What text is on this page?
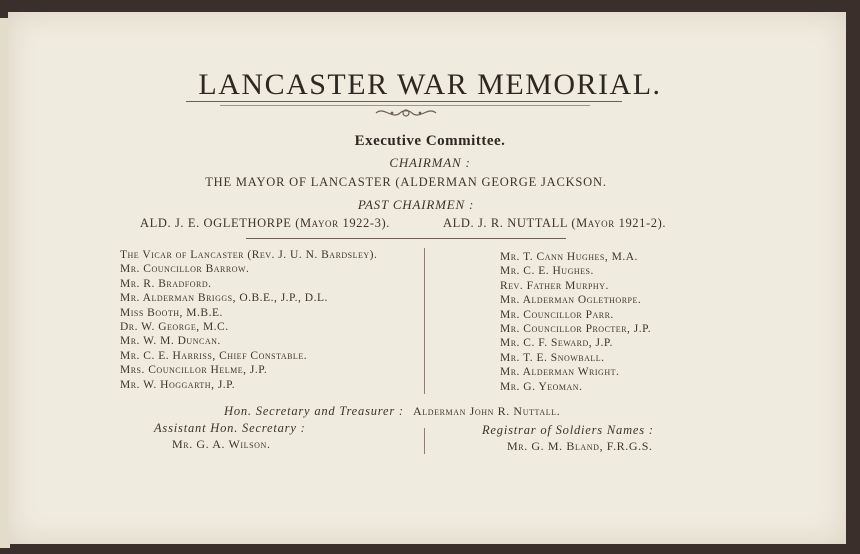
LANCASTER WAR MEMORIAL.
Executive Committee.
CHAIRMAN :
THE MAYOR OF LANCASTER (ALDERMAN GEORGE JACKSON.
PAST CHAIRMEN :
ALD. J. E. OGLETHORPE (Mayor 1922-3).	ALD. J. R. NUTTALL (Mayor 1921-2).
The Vicar of Lancaster (Rev. J. U. N. Bardsley).
Mr. Councillor Barrow.
Mr. R. Bradford.
Mr. Alderman Briggs, O.B.E., J.P., D.L.
Miss Booth, M.B.E.
Dr. W. George, M.C.
Mr. W. M. Duncan.
Mr. C. E. Harriss, Chief Constable.
Mrs. Councillor Helme, J.P.
Mr. W. Hoggarth, J.P.
Mr. T. Cann Hughes, M.A.
Mr. C. E. Hughes.
Rev. Father Murphy.
Mr. Alderman Oglethorpe.
Mr. Councillor Parr.
Mr. Councillor Procter, J.P.
Mr. C. F. Seward, J.P.
Mr. T. E. Snowball.
Mr. Alderman Wright.
Mr. G. Yeoman.
Hon. Secretary and Treasurer : Alderman John R. Nuttall.
Assistant Hon. Secretary :
Mr. G. A. Wilson.
Registrar of Soldiers Names :
Mr. G. M. Bland, F.R.G.S.
